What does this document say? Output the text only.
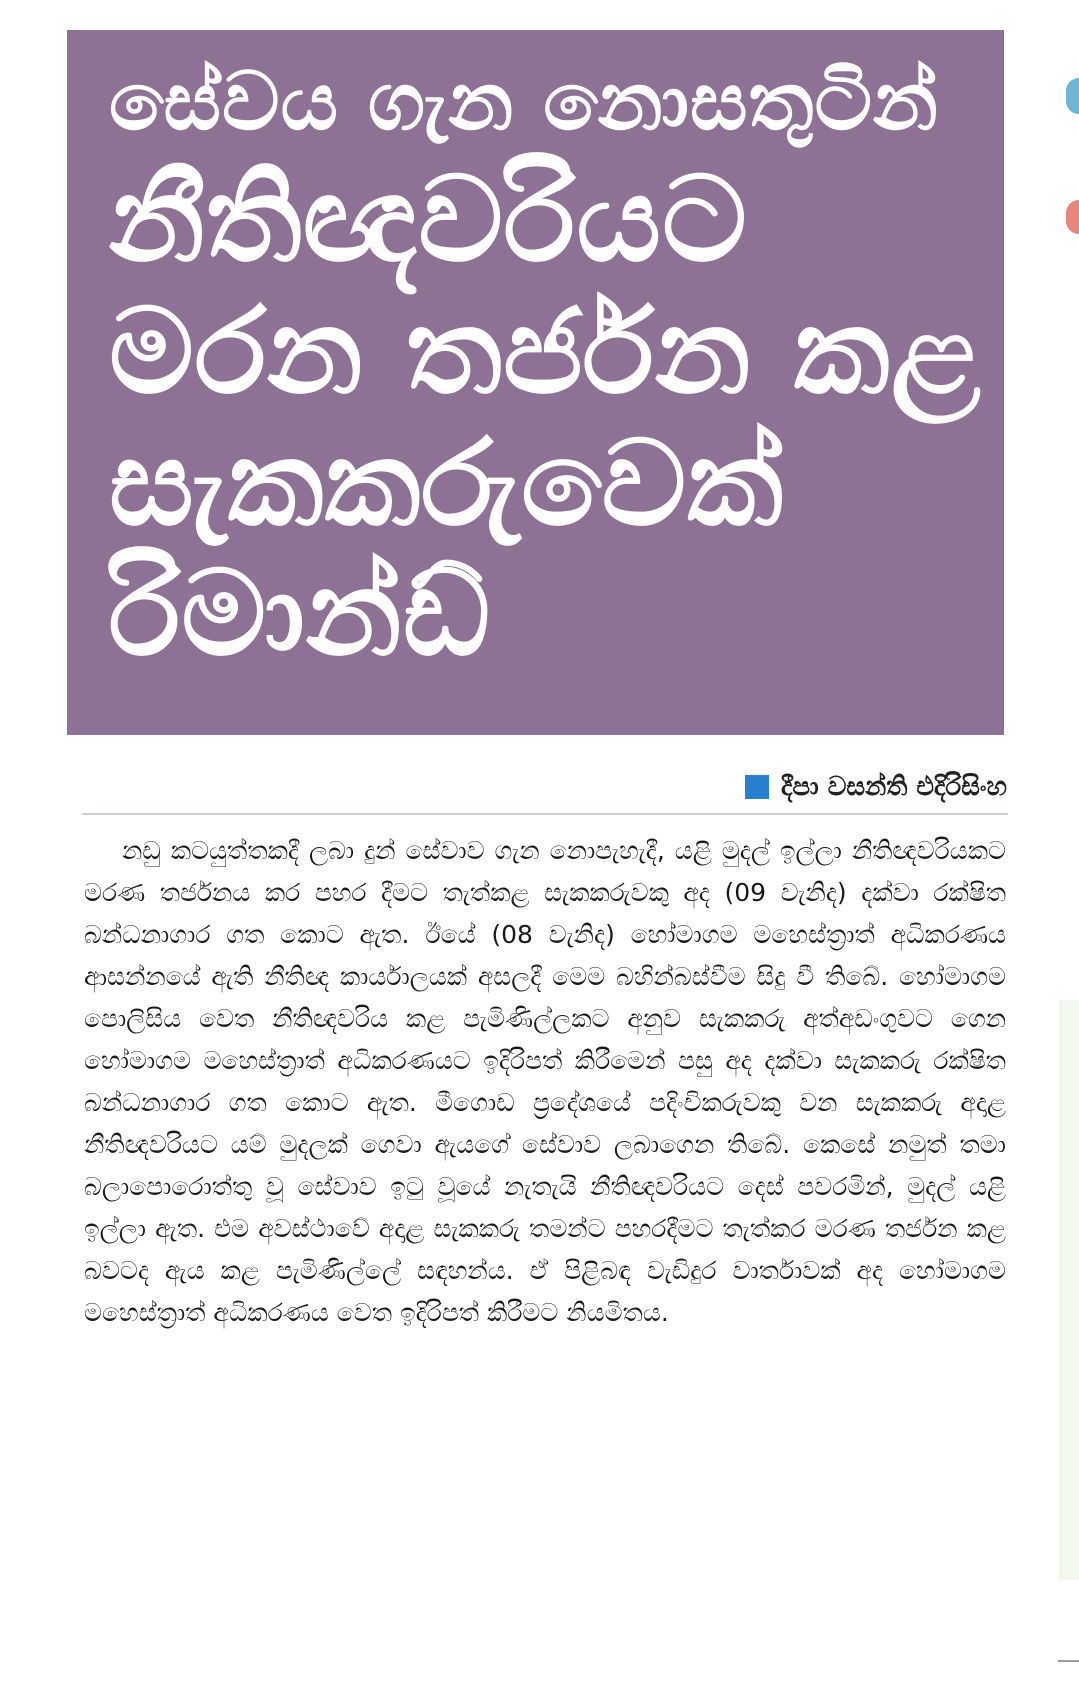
සේවය ගැන නොසතුටින්
නීතිඥවරියට
මරන තර්ජන කළ
සැකකරුවෙක්
රිමාන්ඩ්
දීපා වසන්ති එදිරිසිංහ

නඩු කටයුත්තකදී ලබා දුන් සේවාව ගැන නොපැහැදී, යළි මුදල් ඉල්ලා නීතිඥවරියකට මරණ තර්ජනය කර පහර දීමට තැත්කළ සැකකරුවකු අද (09 වැනිද) දක්වා රක්ෂිත බන්ධනාගාර ගත කොට ඇත. ඊයේ (08 වැනිද) හෝමාගම මහෙස්ත්‍රාත් අධිකරණය ආසන්නයේ ඇති නීතිඥ කාර්යාලයක් අසලදී මෙම බහින්බස්වීම සිදු වී තිබේ. හෝමාගම පොලිසිය වෙත නීතිඥවරිය කළ පැමිණිල්ලකට අනුව සැකකරු අත්අඩංගුවට ගෙන හෝමාගම මහෙස්ත්‍රාත් අධිකරණයට ඉදිරිපත් කිරීමෙන් පසු අද දක්වා සැකකරු රක්ෂිත බන්ධනාගාර ගත කොට ඇත. මීගොඩ ප්‍රදේශයේ පදිංචිකරුවකු වන සැකකරු අදාළ නීතිඥවරියට යම් මුදලක් ගෙවා ඇයගේ සේවාව ලබාගෙන තිබේ. කෙසේ නමුත් තමා බලාපොරොත්තු වූ සේවාව ඉටු වූයේ නැතැයි නීතිඥවරියට දෙස් පවරමින්, මුදල් යළි ඉල්ලා ඇත. එම අවස්ථාවේ අදාළ සැකකරු තමන්ට පහරදීමට තැත්කර මරණ තර්ජන කළ බවටද ඇය කළ පැමිණිල්ලේ සඳහන්ය. ඒ පිළිබඳ වැඩිදුර වාර්තාවක් අද හෝමාගම මහෙස්ත්‍රාත් අධිකරණය වෙත ඉදිරිපත් කිරීමට නියමිතය.
